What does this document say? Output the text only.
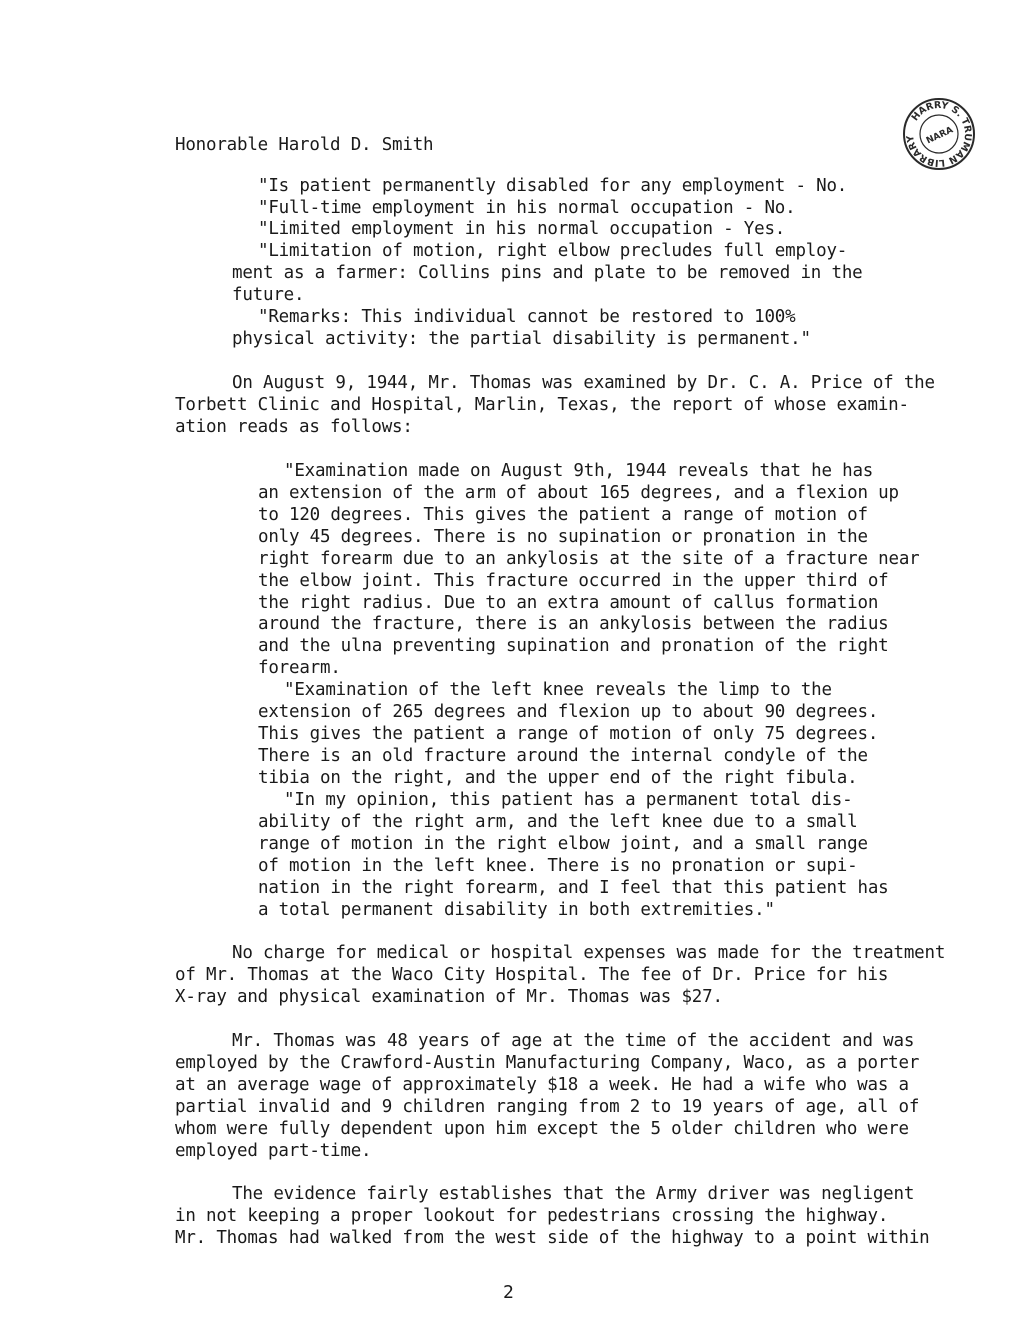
HARRY S. TRUMAN LIBRARY NARA
Honorable Harold D. Smith
"Is patient permanently disabled for any employment - No.
"Full-time employment in his normal occupation - No.
"Limited employment in his normal occupation - Yes.
"Limitation of motion, right elbow precludes full employ-
ment as a farmer: Collins pins and plate to be removed in the
future.
"Remarks: This individual cannot be restored to 100%
physical activity: the partial disability is permanent."
On August 9, 1944, Mr. Thomas was examined by Dr. C. A. Price of the
Torbett Clinic and Hospital, Marlin, Texas, the report of whose examin-
ation reads as follows:
"Examination made on August 9th, 1944 reveals that he has
an extension of the arm of about 165 degrees, and a flexion up
to 120 degrees. This gives the patient a range of motion of
only 45 degrees. There is no supination or pronation in the
right forearm due to an ankylosis at the site of a fracture near
the elbow joint. This fracture occurred in the upper third of
the right radius. Due to an extra amount of callus formation
around the fracture, there is an ankylosis between the radius
and the ulna preventing supination and pronation of the right
forearm.
"Examination of the left knee reveals the limp to the
extension of 265 degrees and flexion up to about 90 degrees.
This gives the patient a range of motion of only 75 degrees.
There is an old fracture around the internal condyle of the
tibia on the right, and the upper end of the right fibula.
"In my opinion, this patient has a permanent total dis-
ability of the right arm, and the left knee due to a small
range of motion in the right elbow joint, and a small range
of motion in the left knee. There is no pronation or supi-
nation in the right forearm, and I feel that this patient has
a total permanent disability in both extremities."
No charge for medical or hospital expenses was made for the treatment
of Mr. Thomas at the Waco City Hospital. The fee of Dr. Price for his
X-ray and physical examination of Mr. Thomas was $27.
Mr. Thomas was 48 years of age at the time of the accident and was
employed by the Crawford-Austin Manufacturing Company, Waco, as a porter
at an average wage of approximately $18 a week. He had a wife who was a
partial invalid and 9 children ranging from 2 to 19 years of age, all of
whom were fully dependent upon him except the 5 older children who were
employed part-time.
The evidence fairly establishes that the Army driver was negligent
in not keeping a proper lookout for pedestrians crossing the highway.
Mr. Thomas had walked from the west side of the highway to a point within
2
